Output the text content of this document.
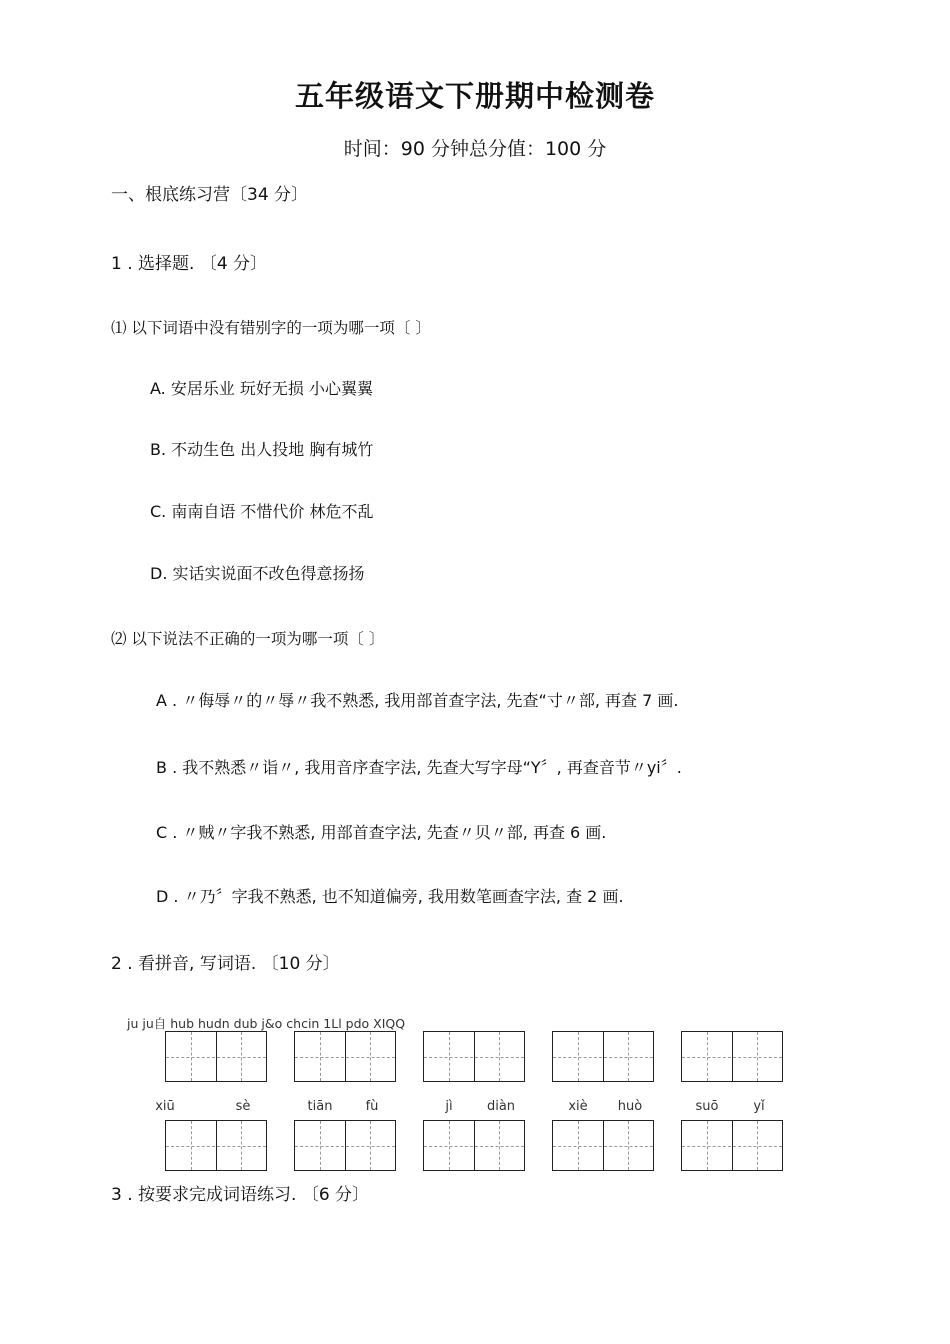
五年级语文下册期中检测卷
时间：90 分钟总分值：100 分
一、根底练习营〔34 分〕
1 . 选择题. 〔4 分〕
⑴ 以下词语中没有错别字的一项为哪一项〔 〕
A. 安居乐业 玩好无损 小心翼翼
B. 不动生色 出人投地 胸有城竹
C. 南南自语 不惜代价 林危不乱
D. 实话实说面不改色得意扬扬
⑵ 以下说法不正确的一项为哪一项〔 〕
A . 〃侮辱〃的〃辱〃我不熟悉, 我用部首查字法, 先查“寸〃部, 再查 7 画.
B . 我不熟悉〃诣〃, 我用音序查字法, 先查大写字母“Y〞, 再查音节〃yi〞.
C . 〃贼〃字我不熟悉, 用部首查字法, 先查〃贝〃部, 再查 6 画.
D . 〃乃〞字我不熟悉, 也不知道偏旁, 我用数笔画查字法, 查 2 画.
2 . 看拼音, 写词语. 〔10 分〕
ju ju自 hub hudn dub j&o chcin 1Ll pdo XIQQ
xiū	sè	tiān	fù	jì	diàn	xiè	huò	suō	yǐ
3 . 按要求完成词语练习. 〔6 分〕
